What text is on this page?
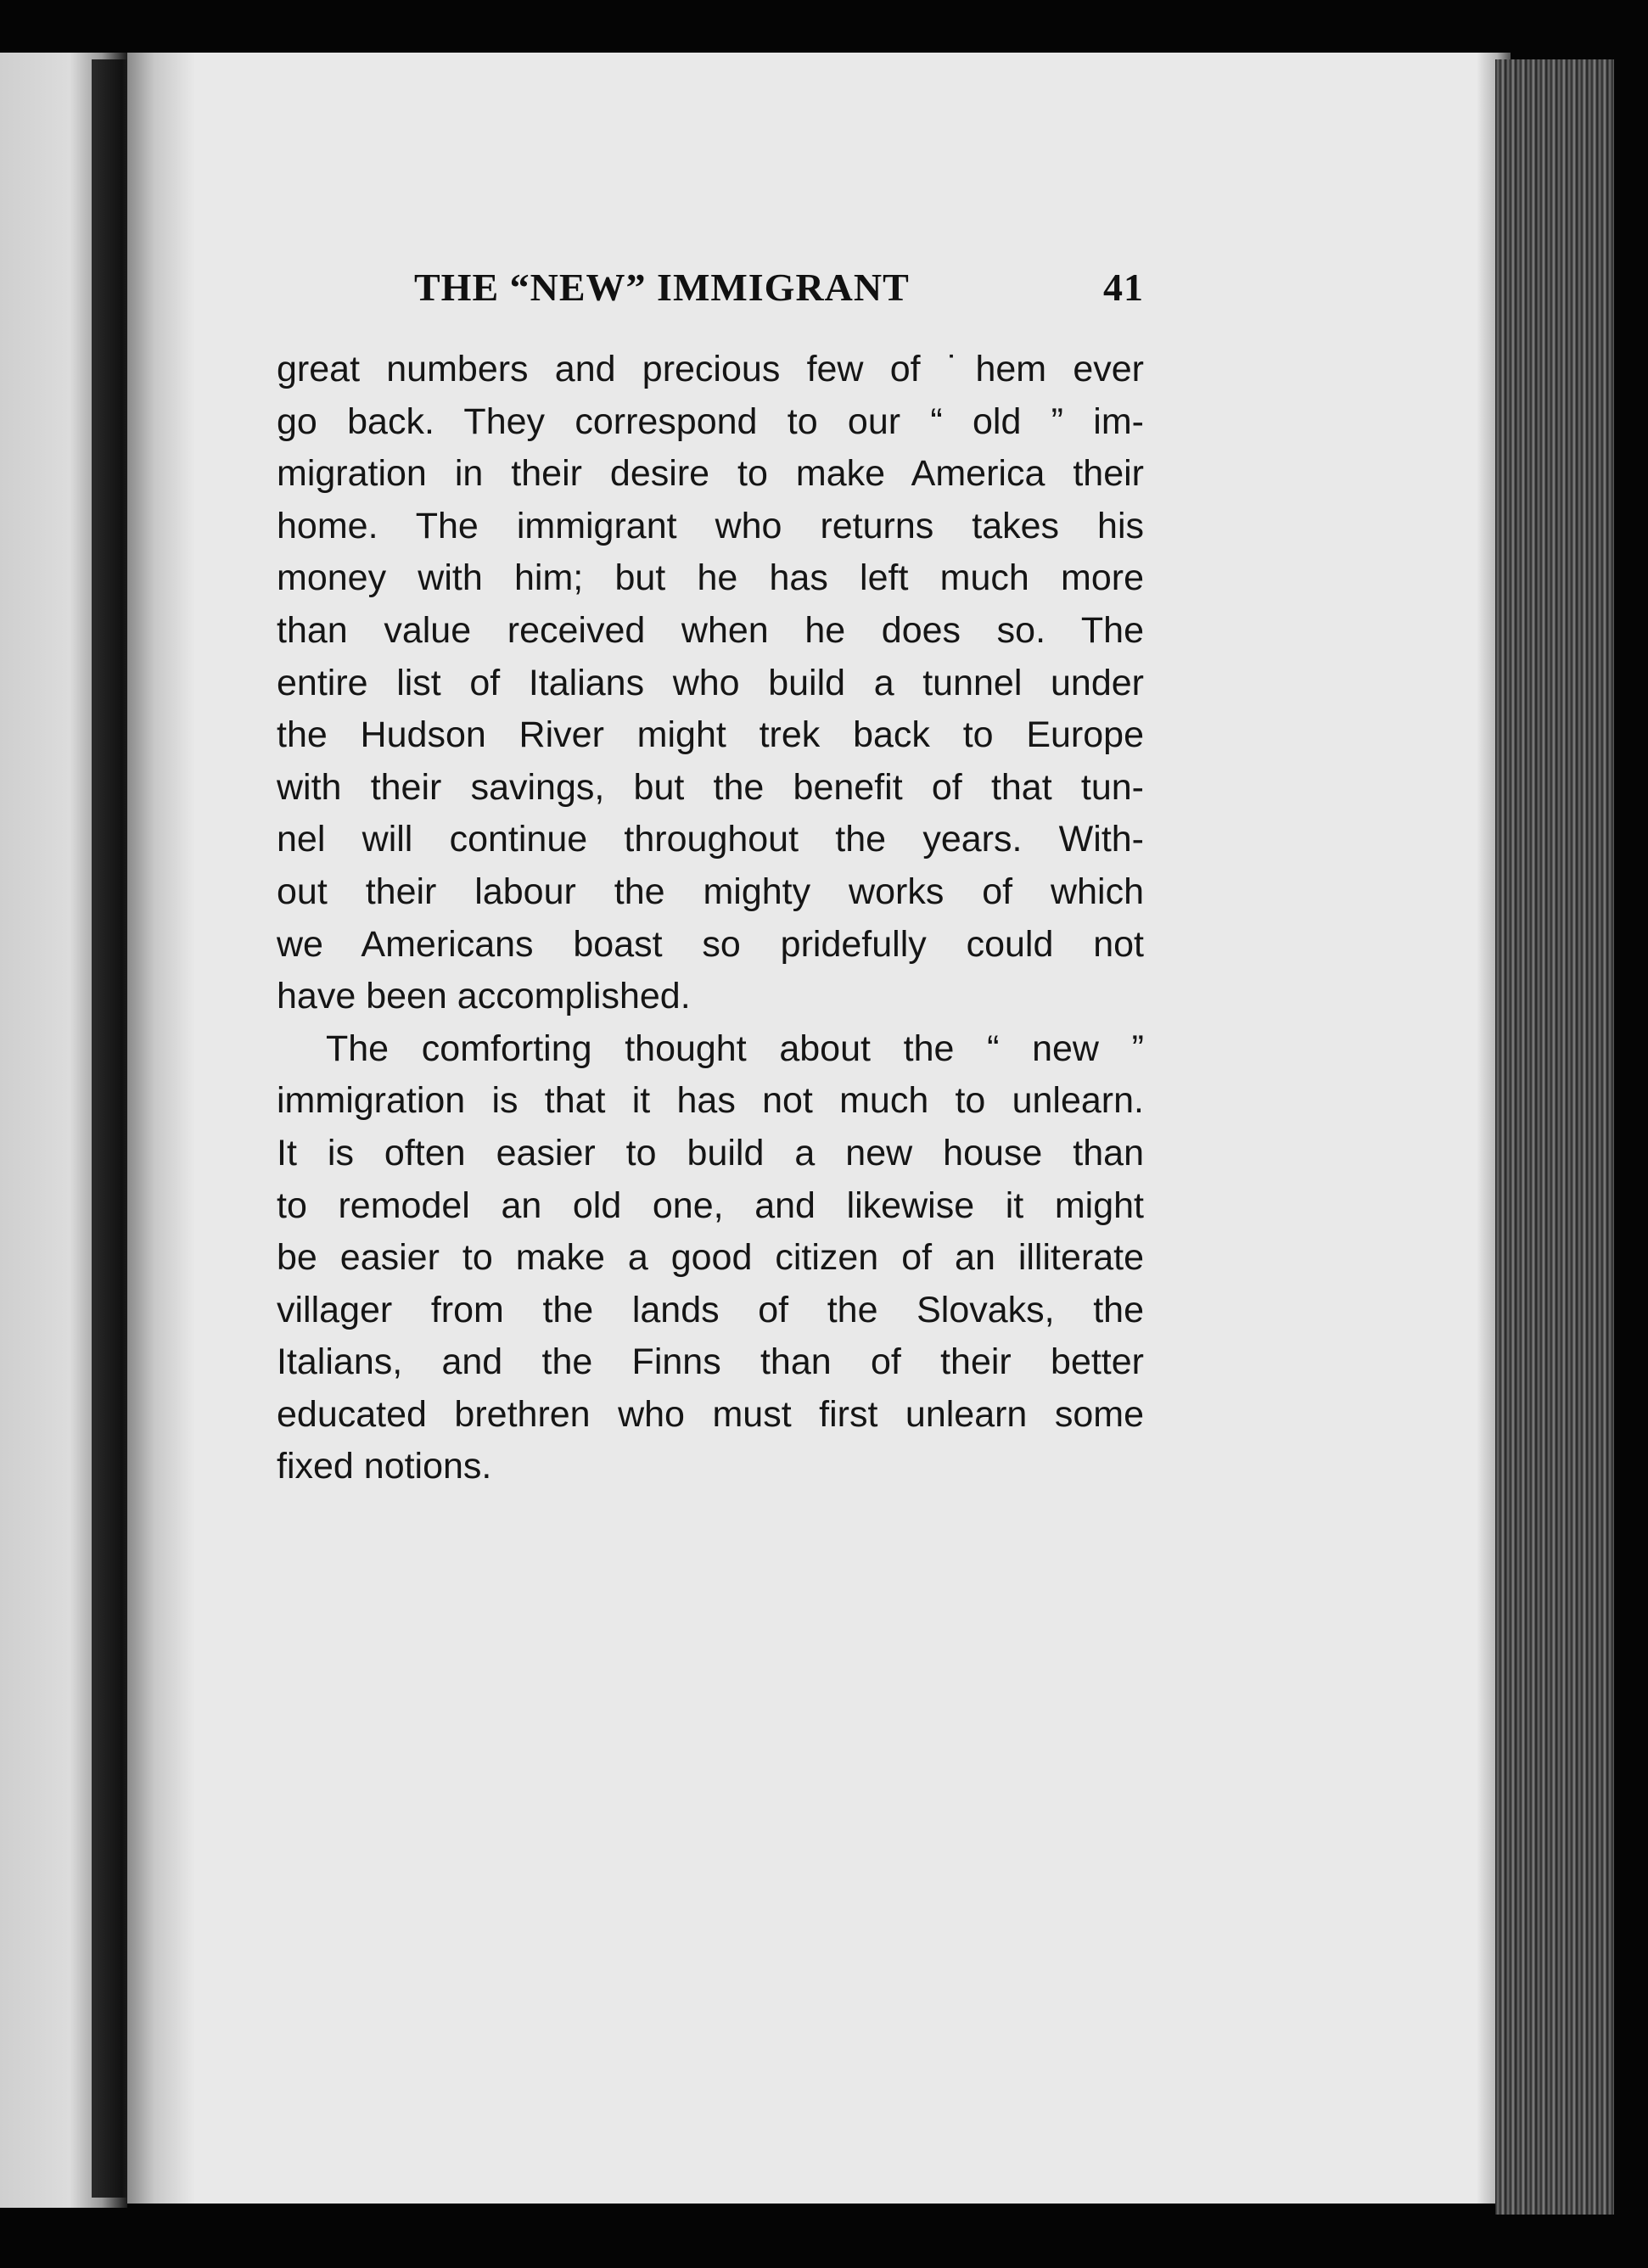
THE “NEW” IMMIGRANT	41

great numbers and precious few of ˙hem ever
go back. They correspond to our “ old ” im-
migration in their desire to make America their
home. The immigrant who returns takes his
money with him; but he has left much more
than value received when he does so. The
entire list of Italians who build a tunnel under
the Hudson River might trek back to Europe
with their savings, but the benefit of that tun-
nel will continue throughout the years. With-
out their labour the mighty works of which
we Americans boast so pridefully could not
have been accomplished.

The comforting thought about the “ new ”
immigration is that it has not much to unlearn.
It is often easier to build a new house than
to remodel an old one, and likewise it might
be easier to make a good citizen of an illiterate
villager from the lands of the Slovaks, the
Italians, and the Finns than of their better
educated brethren who must first unlearn some
fixed notions.
